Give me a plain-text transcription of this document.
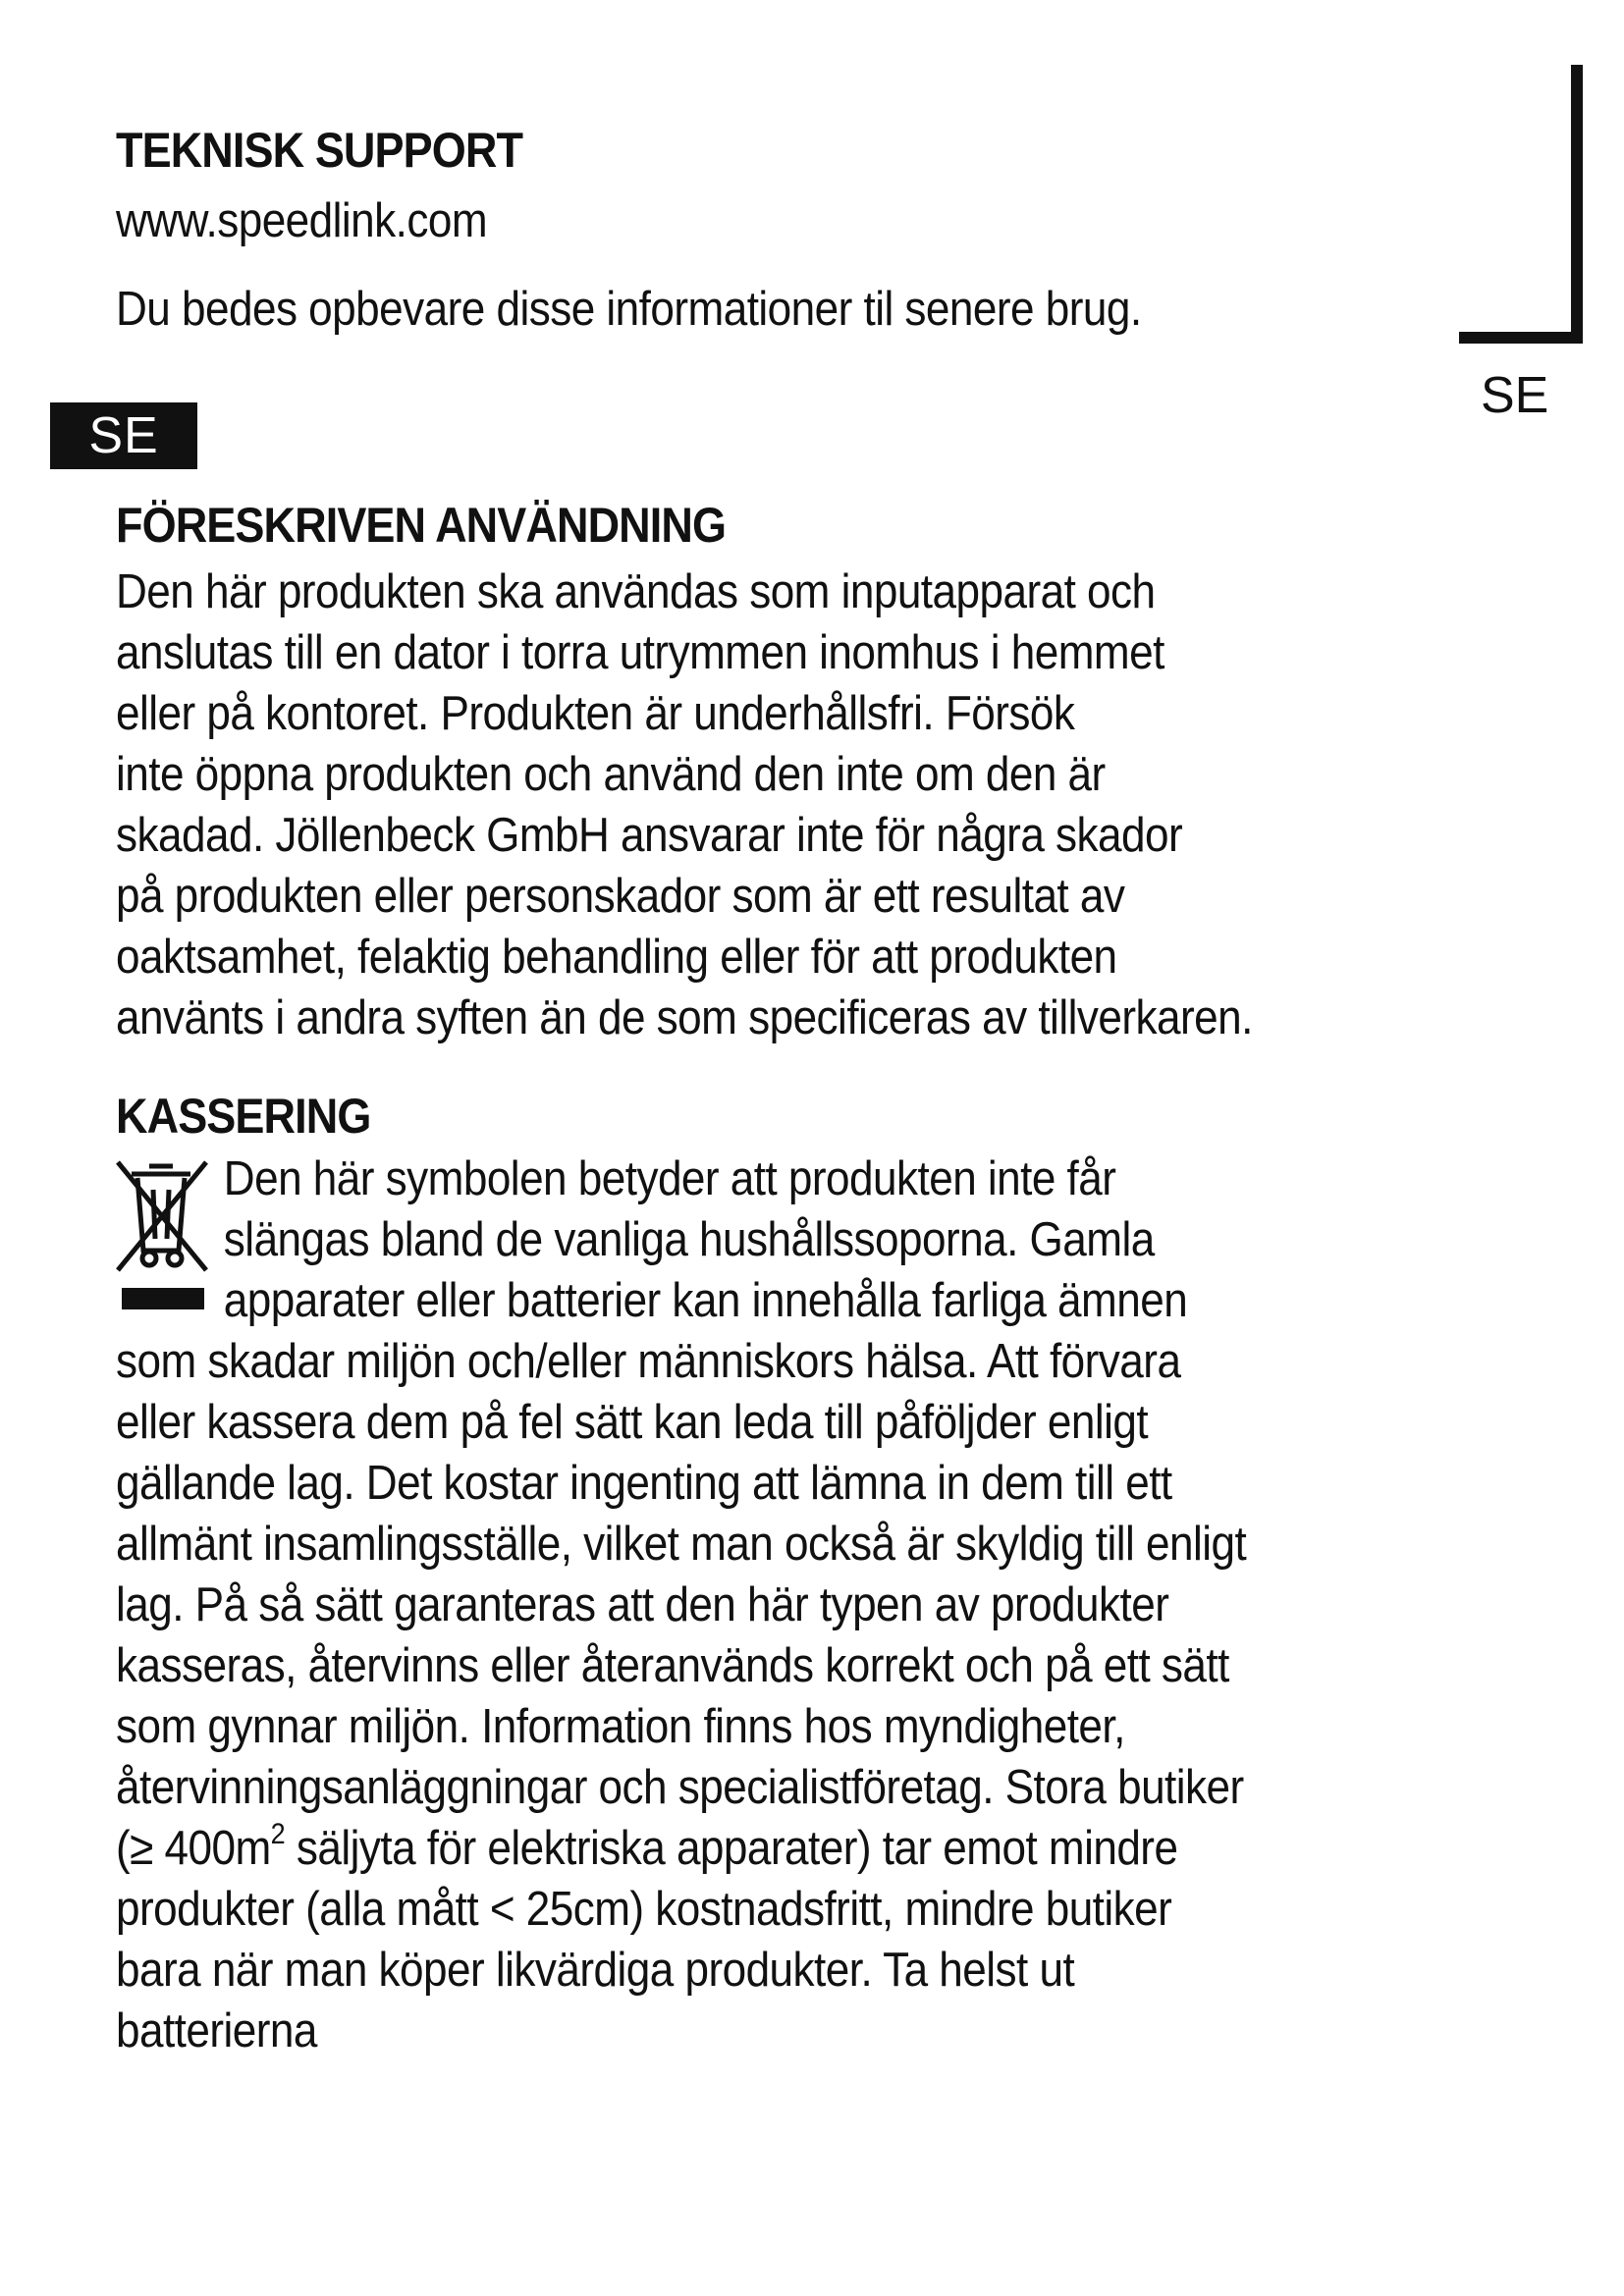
SE
TEKNISK SUPPORT
www.speedlink.com
Du bedes opbevare disse informationer til senere brug.
SE
FÖRESKRIVEN ANVÄNDNING
Den här produkten ska användas som inputapparat och
anslutas till en dator i torra utrymmen inomhus i hemmet
eller på kontoret. Produkten är underhållsfri. Försök
inte öppna produkten och använd den inte om den är
skadad. Jöllenbeck GmbH ansvarar inte för några skador
på produkten eller personskador som är ett resultat av
oaktsamhet, felaktig behandling eller för att produkten
använts i andra syften än de som specificeras av tillverkaren.
KASSERING
Den här symbolen betyder att produkten inte får
slängas bland de vanliga hushållssoporna. Gamla
apparater eller batterier kan innehålla farliga ämnen
som skadar miljön och/eller människors hälsa. Att förvara
eller kassera dem på fel sätt kan leda till påföljder enligt
gällande lag. Det kostar ingenting att lämna in dem till ett
allmänt insamlingsställe, vilket man också är skyldig till enligt
lag. På så sätt garanteras att den här typen av produkter
kasseras, återvinns eller återanvänds korrekt och på ett sätt
som gynnar miljön. Information finns hos myndigheter,
återvinningsanläggningar och specialistföretag. Stora butiker
(≥ $400m^2$ säljyta för elektriska apparater) tar emot mindre
produkter (alla mått < 25cm) kostnadsfritt, mindre butiker
bara när man köper likvärdiga produkter. Ta helst ut
batterierna
